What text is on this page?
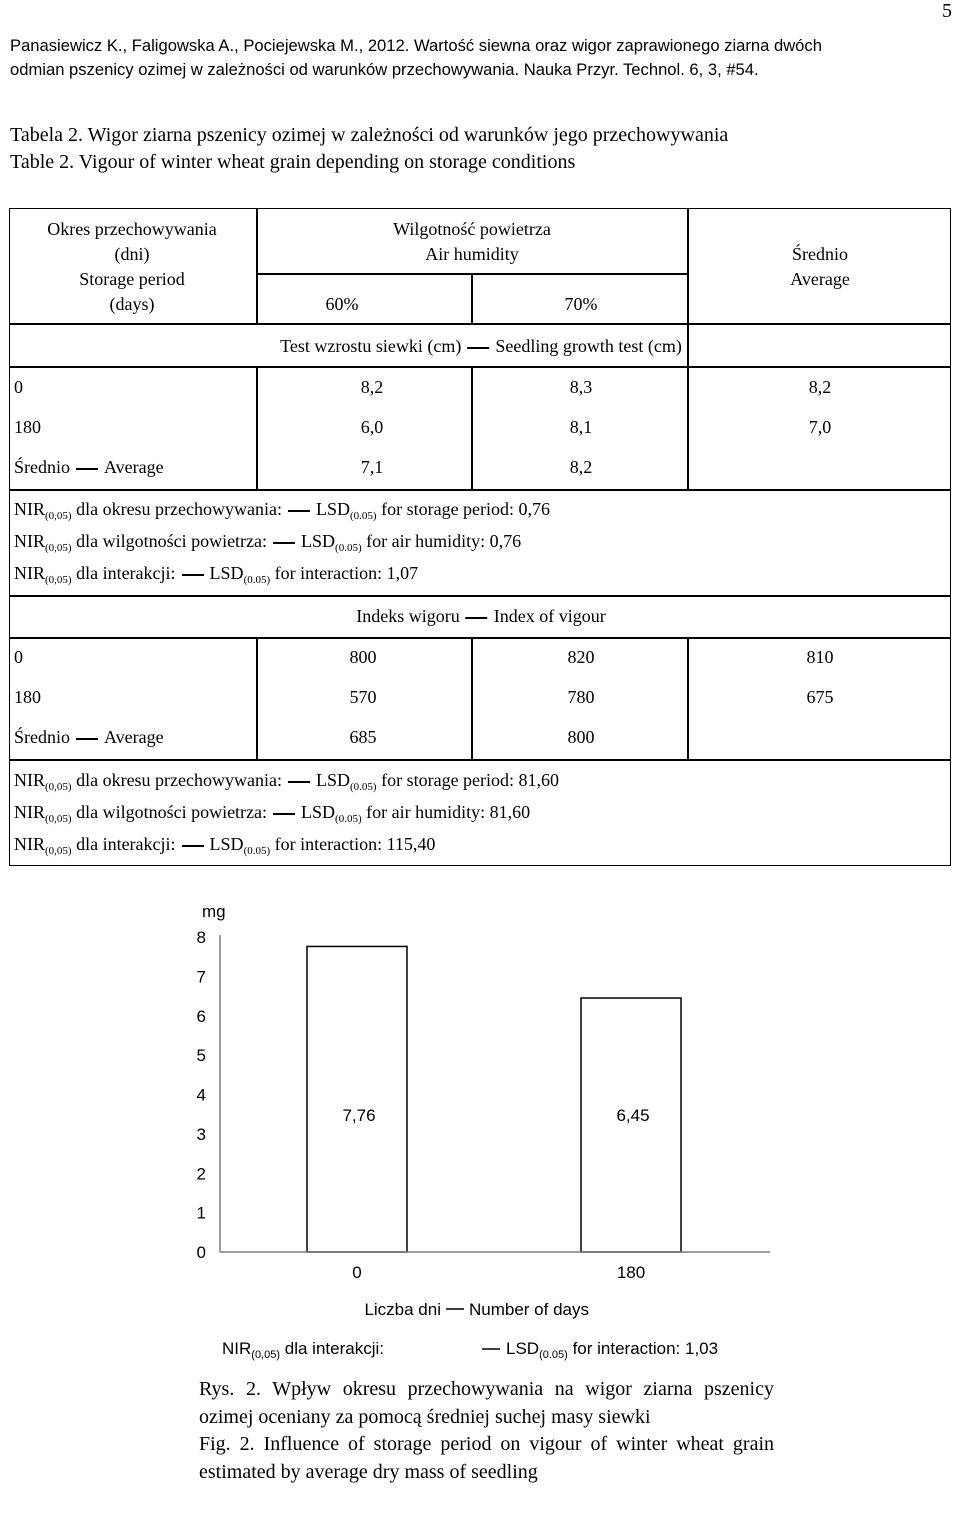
5
Panasiewicz K., Faligowska A., Pociejewska M., 2012. Wartość siewna oraz wigor zaprawionego ziarna dwóch
odmian pszenicy ozimej w zależności od warunków przechowywania. Nauka Przyr. Technol. 6, 3, #54.
Tabela 2. Wigor ziarna pszenicy ozimej w zależności od warunków jego przechowywania
Table 2. Vigour of winter wheat grain depending on storage conditions
Okres przechowywania
(dni)
Storage period
(days)
Wilgotność powietrza
Air humidity
60%	70%
Średnio
Average
Test wzrostu siewki (cm) Seedling growth test (cm)
0	8,2	8,3	8,2
180	6,0	8,1	7,0
Średnio Average	7,1	8,2
$NIR_{(0,05)}$ dla okresu przechowywania: $LSD_{(0.05)}$ for storage period: 0,76
$NIR_{(0,05)}$ dla wilgotności powietrza: $LSD_{(0.05)}$ for air humidity: 0,76
$NIR_{(0,05)}$ dla interakcji: $LSD_{(0.05)}$ for interaction: 1,07
Indeks wigoru Index of vigour
0	800	820	810
180	570	780	675
Średnio Average	685	800
$NIR_{(0,05)}$ dla okresu przechowywania: $LSD_{(0.05)}$ for storage period: 81,60
$NIR_{(0,05)}$ dla wilgotności powietrza: $LSD_{(0.05)}$ for air humidity: 81,60
$NIR_{(0,05)}$ dla interakcji: $LSD_{(0.05)}$ for interaction: 115,40
0
1
2
3
4
5
6
7
8
7,76
0
6,45
180
mg
Liczba dni Number of days
$NIR_{(0,05)}$ dla interakcji:	$LSD_{(0.05)}$ for interaction: 1,03

Rys. 2. Wpływ okresu przechowywania na wigor ziarna pszenicy ozimej oceniany za pomocą średniej suchej masy siewki

Fig. 2. Influence of storage period on vigour of winter wheat grain estimated by average dry mass of seedling
